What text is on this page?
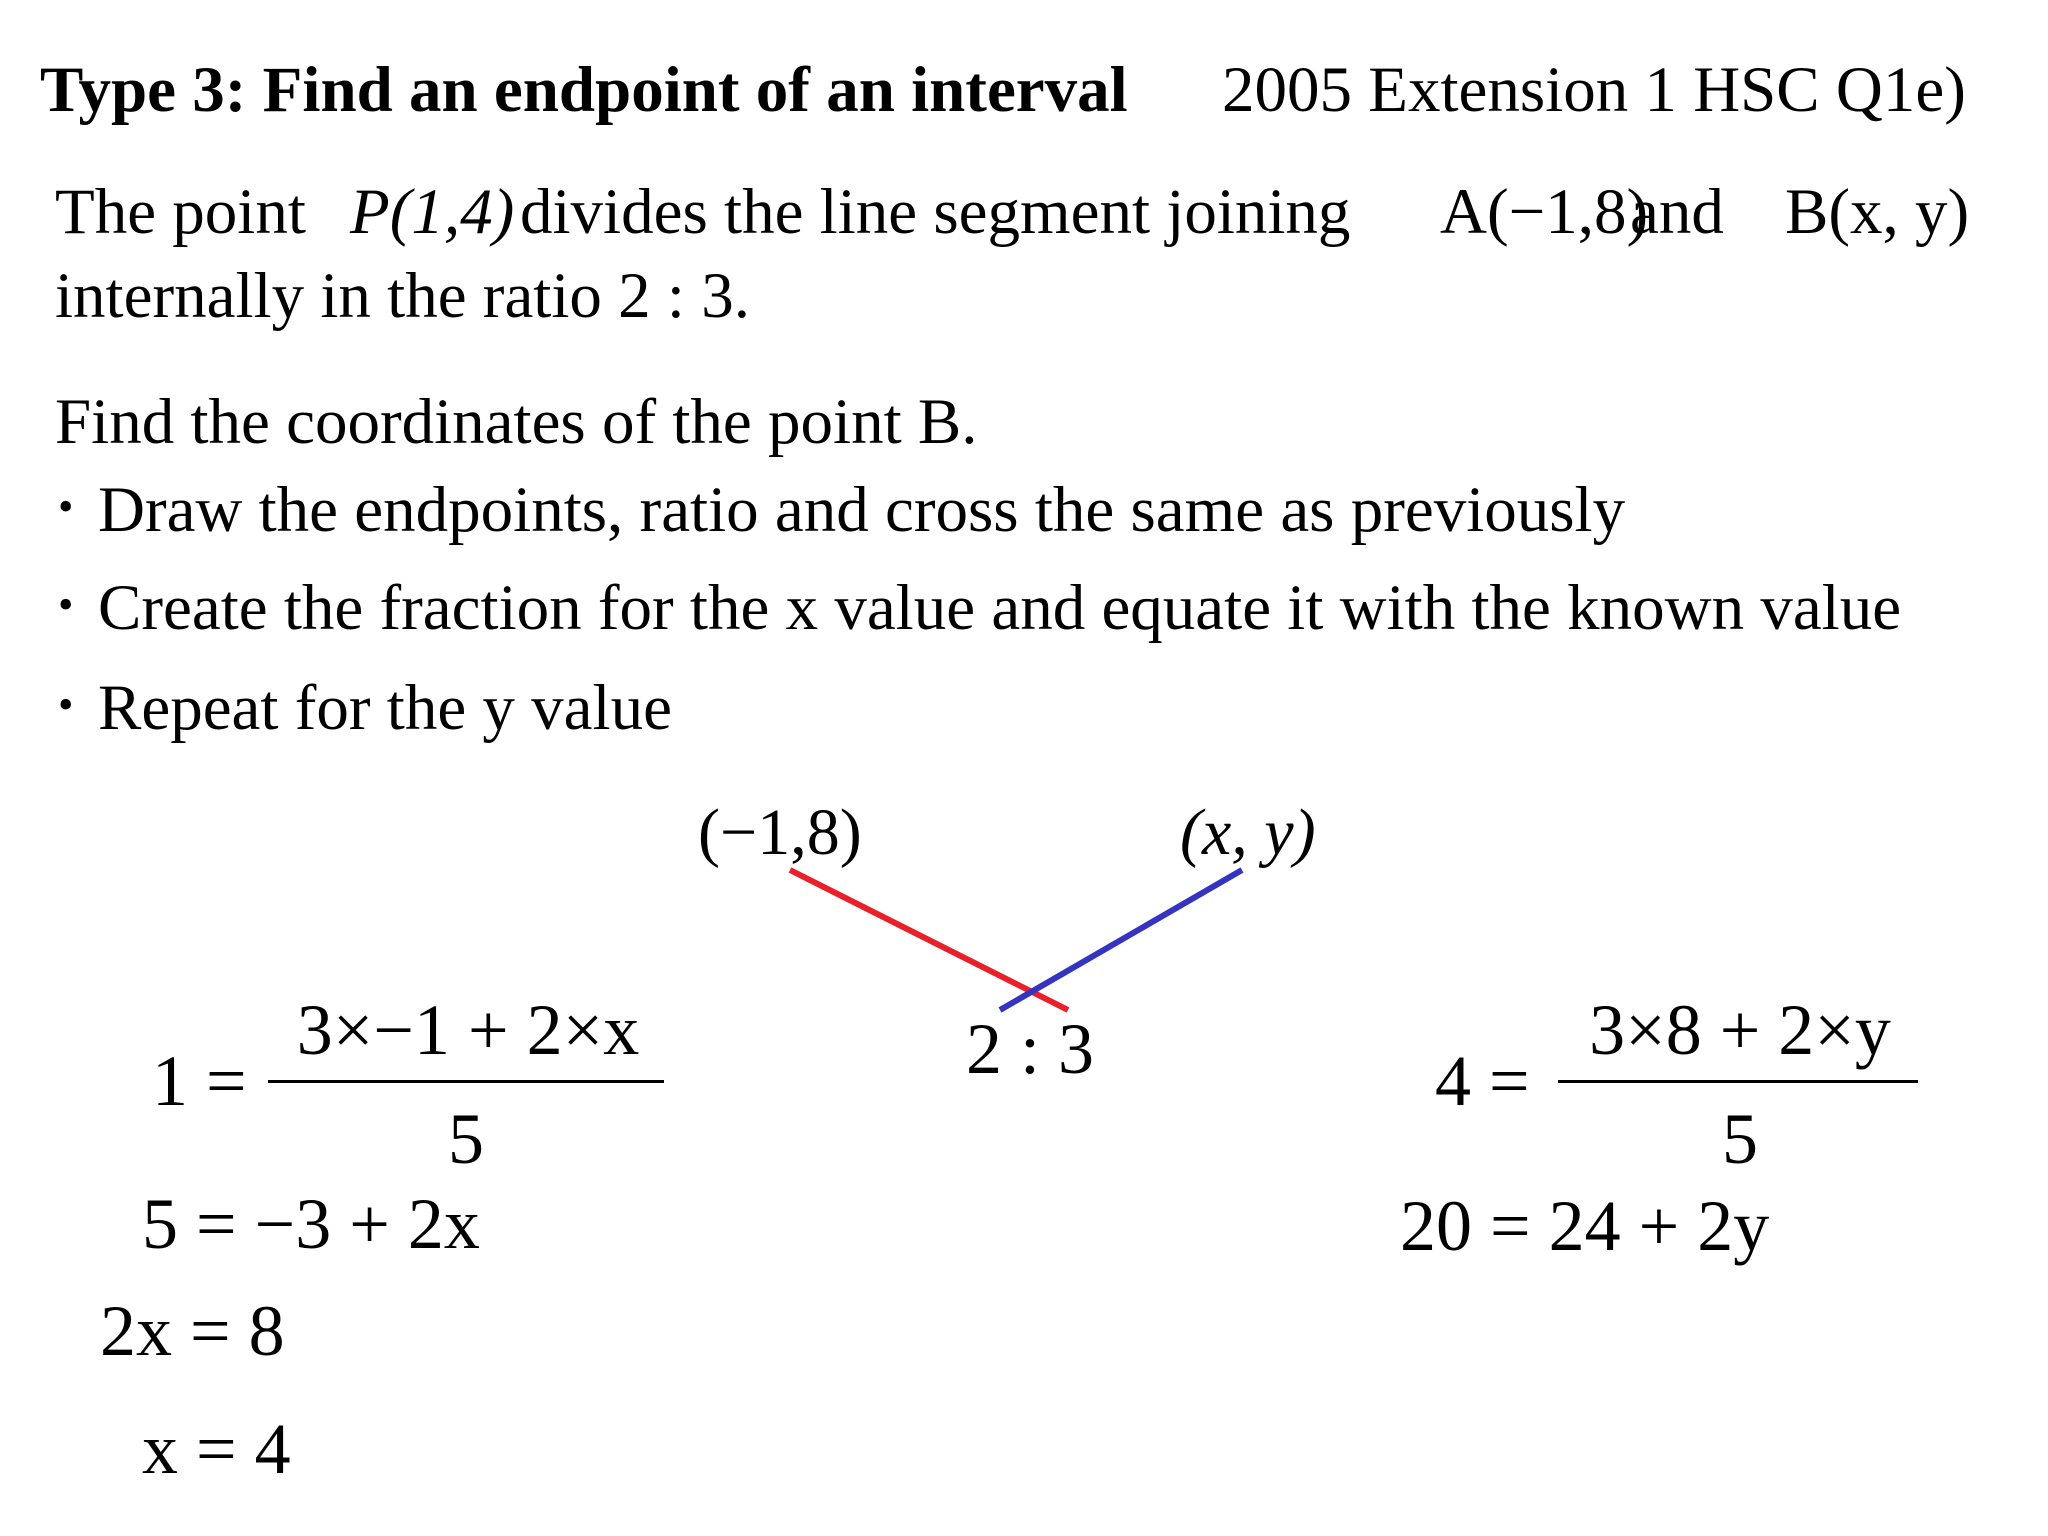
Type 3: Find an endpoint of an interval 2005 Extension 1 HSC Q1e)
The point P(1,4) divides the line segment joining A(−1,8)
and B(x, y)
internally in the ratio 2 : 3.
Find the coordinates of the point B.
• Draw the endpoints, ratio and cross the same as previously
• Create the fraction for the x value and equate it with the known value
• Repeat for the y value
(−1,8)	(x, y)
2 : 3
1 =
3×−1 + 2×x
5
5 = −3 + 2x
2x = 8
x = 4
4 =
3×8 + 2×y
5
20 = 24 + 2y
